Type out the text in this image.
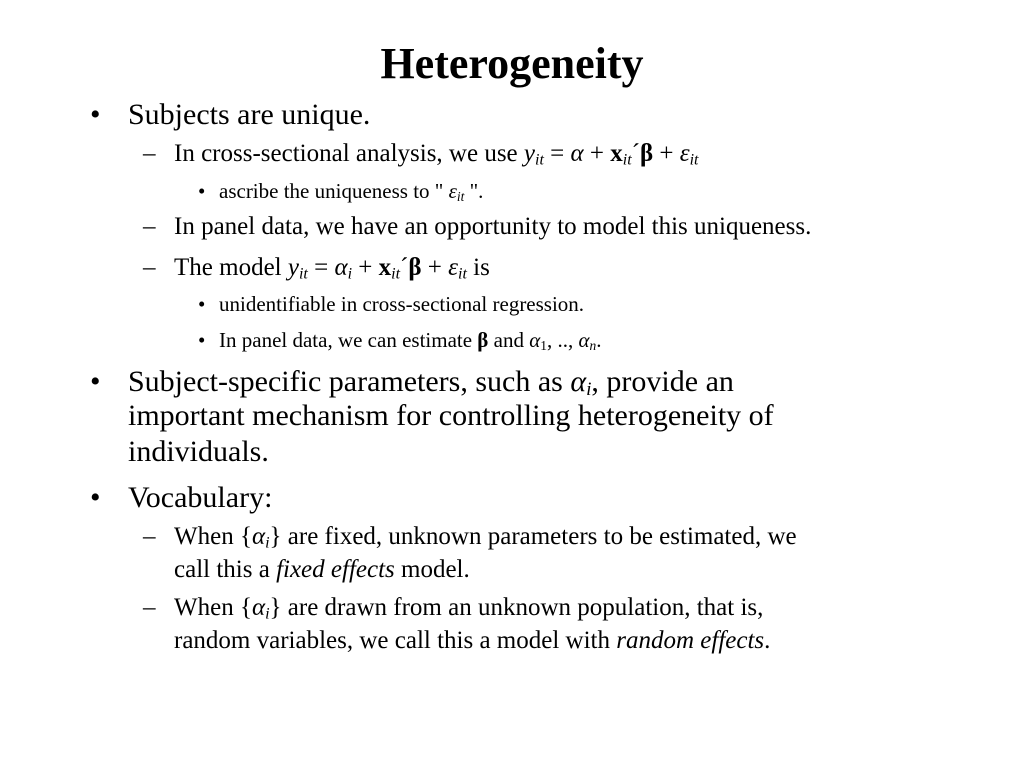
Heterogeneity
• Subjects are unique.
– In cross-sectional analysis, we use $y_{it} = \alpha$ + $x_{it}´\beta + \varepsilon_{it}$
• ascribe the uniqueness to " $\varepsilon_{it}$ ".
– In panel data, we have an opportunity to model this uniqueness.
– The model $y_{it} = \alpha_i$ + $x_{it}´\beta + \varepsilon_{it}$ is
• unidentifiable in cross-sectional regression.
• In panel data, we can estimate β and $\alpha_1$, .., $\alpha_n$.
• Subject-specific parameters, such as $\alpha_i$, provide an
important mechanism for controlling heterogeneity of
individuals.
• Vocabulary:
– When $\{\alpha_i\}$ are fixed, unknown parameters to be estimated, we
call this a fixed effects model.
– When $\{\alpha_i\}$ are drawn from an unknown population, that is,
random variables, we call this a model with random effects.
